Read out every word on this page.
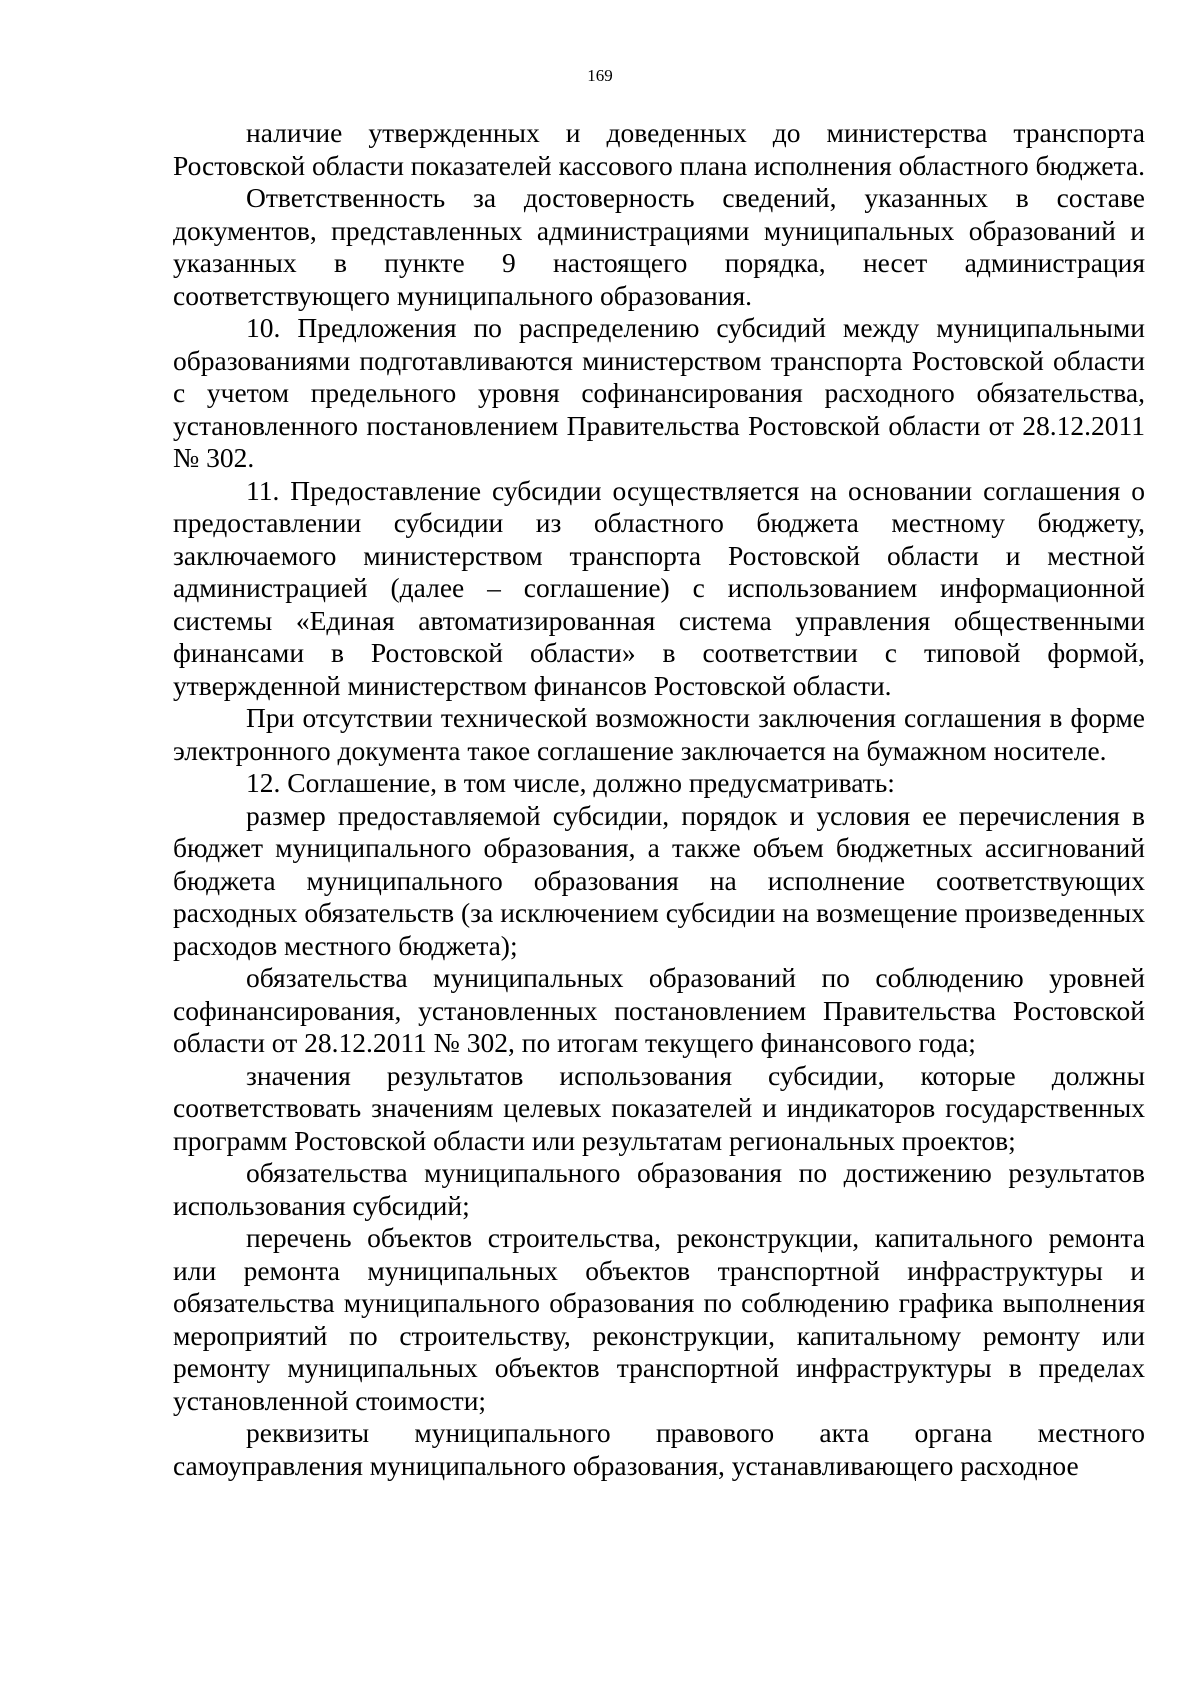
169

наличие утвержденных и доведенных до министерства транспорта Ростовской области показателей кассового плана исполнения областного бюджета.

Ответственность за достоверность сведений, указанных в составе документов, представленных администрациями муниципальных образований и указанных в пункте 9 настоящего порядка, несет администрация соответствующего муниципального образования.

10. Предложения по распределению субсидий между муниципальными образованиями подготавливаются министерством транспорта Ростовской области с учетом предельного уровня софинансирования расходного обязательства, установленного постановлением Правительства Ростовской области от 28.12.2011 № 302.

11. Предоставление субсидии осуществляется на основании соглашения о предоставлении субсидии из областного бюджета местному бюджету, заключаемого министерством транспорта Ростовской области и местной администрацией (далее – соглашение) с использованием информационной системы «Единая автоматизированная система управления общественными финансами в Ростовской области» в соответствии с типовой формой, утвержденной министерством финансов Ростовской области.

При отсутствии технической возможности заключения соглашения в форме электронного документа такое соглашение заключается на бумажном носителе.

12. Соглашение, в том числе, должно предусматривать:

размер предоставляемой субсидии, порядок и условия ее перечисления в бюджет муниципального образования, а также объем бюджетных ассигнований бюджета муниципального образования на исполнение соответствующих расходных обязательств (за исключением субсидии на возмещение произведенных расходов местного бюджета);

обязательства муниципальных образований по соблюдению уровней софинансирования, установленных постановлением Правительства Ростовской области от 28.12.2011 № 302, по итогам текущего финансового года;

значения результатов использования субсидии, которые должны соответствовать значениям целевых показателей и индикаторов государственных программ Ростовской области или результатам региональных проектов;

обязательства муниципального образования по достижению результатов использования субсидий;

перечень объектов строительства, реконструкции, капитального ремонта или ремонта муниципальных объектов транспортной инфраструктуры и обязательства муниципального образования по соблюдению графика выполнения мероприятий по строительству, реконструкции, капитальному ремонту или ремонту муниципальных объектов транспортной инфраструктуры в пределах установленной стоимости;

реквизиты муниципального правового акта органа местного самоуправления муниципального образования, устанавливающего расходное
